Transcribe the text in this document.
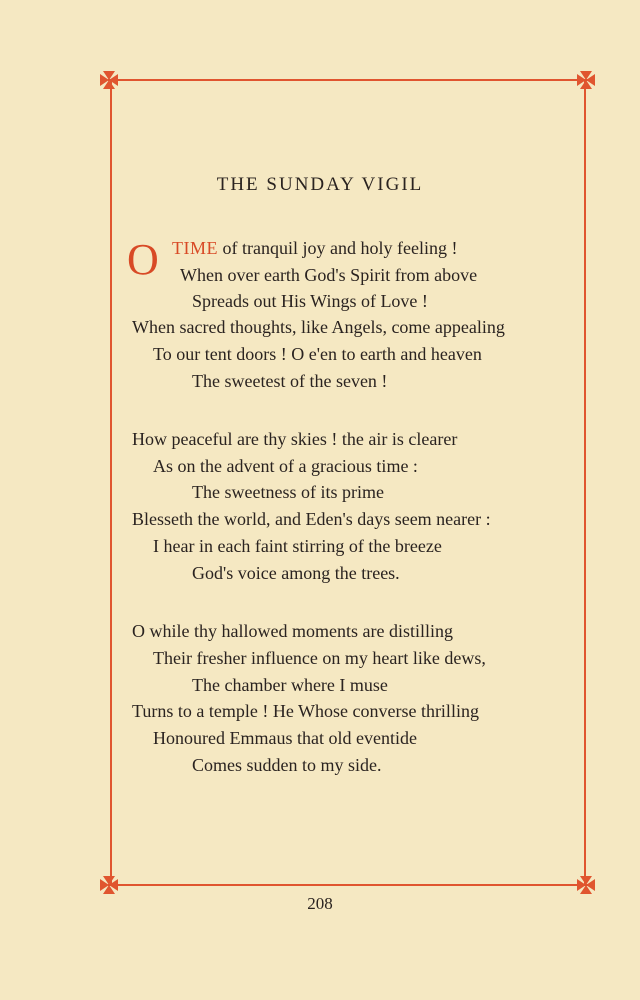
THE SUNDAY VIGIL
O TIME of tranquil joy and holy feeling !
When over earth God's Spirit from above
Spreads out His Wings of Love !
When sacred thoughts, like Angels, come appealing
To our tent doors ! O e'en to earth and heaven
The sweetest of the seven !
How peaceful are thy skies ! the air is clearer
As on the advent of a gracious time :
The sweetness of its prime
Blesseth the world, and Eden's days seem nearer :
I hear in each faint stirring of the breeze
God's voice among the trees.
O while thy hallowed moments are distilling
Their fresher influence on my heart like dews,
The chamber where I muse
Turns to a temple ! He Whose converse thrilling
Honoured Emmaus that old eventide
Comes sudden to my side.
208
